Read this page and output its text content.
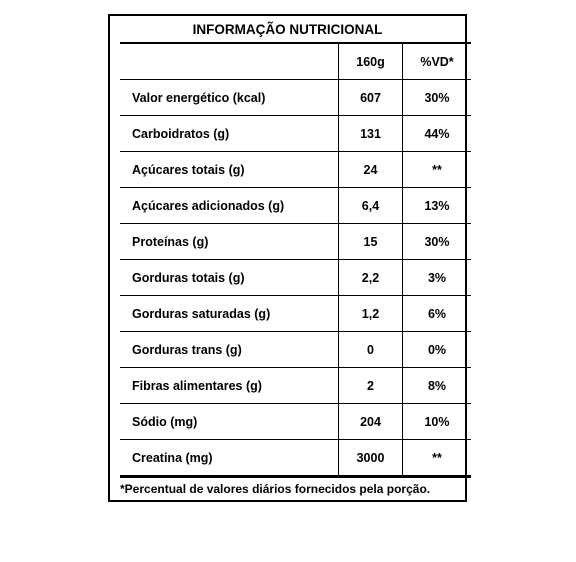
INFORMAÇÃO NUTRICIONAL
	160g	%VD*
Valor energético (kcal)	607	30%
Carboidratos (g)	131	44%
Açúcares totais (g)	24	**
Açúcares adicionados (g)	6,4	13%
Proteínas (g)	15	30%
Gorduras totais (g)	2,2	3%
Gorduras saturadas (g)	1,2	6%
Gorduras trans (g)	0	0%
Fibras alimentares (g)	2	8%
Sódio (mg)	204	10%
Creatina (mg)	3000	**
*Percentual de valores diários fornecidos pela porção.
